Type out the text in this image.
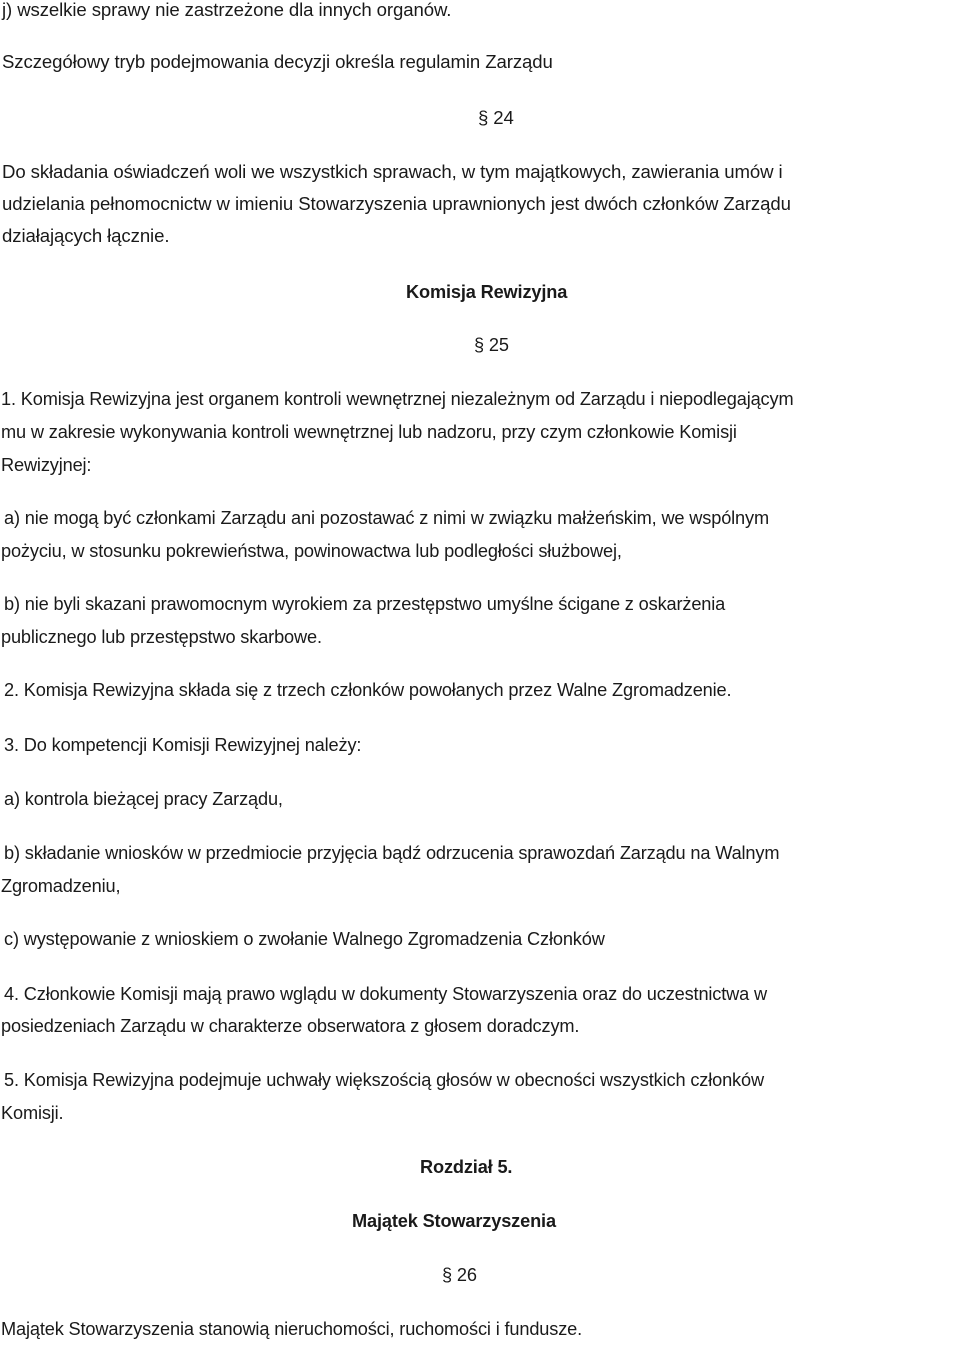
j) wszelkie sprawy nie zastrzeżone dla innych organów.
Szczegółowy tryb podejmowania decyzji określa regulamin Zarządu
§ 24
Do składania oświadczeń woli we wszystkich sprawach, w tym majątkowych, zawierania umów i
udzielania pełnomocnictw w imieniu Stowarzyszenia uprawnionych jest dwóch członków Zarządu
działających łącznie.
Komisja Rewizyjna
§ 25
1. Komisja Rewizyjna jest organem kontroli wewnętrznej niezależnym od Zarządu i niepodlegającym
mu w zakresie wykonywania kontroli wewnętrznej lub nadzoru, przy czym członkowie Komisji
Rewizyjnej:
a) nie mogą być członkami Zarządu ani pozostawać z nimi w związku małżeńskim, we wspólnym
pożyciu, w stosunku pokrewieństwa, powinowactwa lub podległości służbowej,
b) nie byli skazani prawomocnym wyrokiem za przestępstwo umyślne ścigane z oskarżenia
publicznego lub przestępstwo skarbowe.
2. Komisja Rewizyjna składa się z trzech członków powołanych przez Walne Zgromadzenie.
3. Do kompetencji Komisji Rewizyjnej należy:
a) kontrola bieżącej pracy Zarządu,
b) składanie wniosków w przedmiocie przyjęcia bądź odrzucenia sprawozdań Zarządu na Walnym
Zgromadzeniu,
c) występowanie z wnioskiem o zwołanie Walnego Zgromadzenia Członków
4. Członkowie Komisji mają prawo wglądu w dokumenty Stowarzyszenia oraz do uczestnictwa w
posiedzeniach Zarządu w charakterze obserwatora z głosem doradczym.
5. Komisja Rewizyjna podejmuje uchwały większością głosów w obecności wszystkich członków
Komisji.
Rozdział 5.
Majątek Stowarzyszenia
§ 26
Majątek Stowarzyszenia stanowią nieruchomości, ruchomości i fundusze.
